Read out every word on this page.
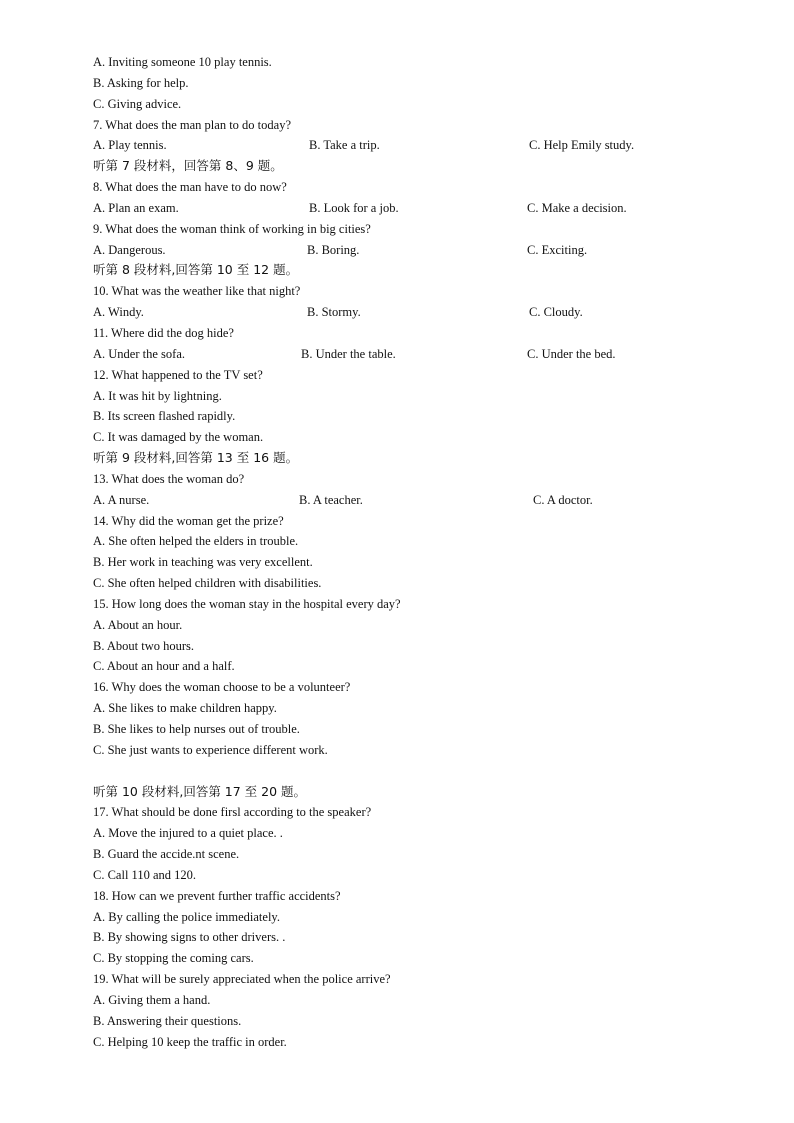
A. Inviting someone 10 play tennis.
B. Asking for help.
C. Giving advice.
7. What does the man plan to do today?
A. Play tennis.	B. Take a trip.	C. Help Emily study.
听第 7 段材料，回答第 8、9 题。
8. What does the man have to do now?
A. Plan an exam.	B. Look for a job.	C. Make a decision.
9. What does the woman think of working in big cities?
A. Dangerous.	B. Boring.	C. Exciting.
听第 8 段材料,回答第 10 至 12 题。
10. What was the weather like that night?
A. Windy.	B. Stormy.	C. Cloudy.
11. Where did the dog hide?
A. Under the sofa.	B. Under the table.	C. Under the bed.
12. What happened to the TV set?
A. It was hit by lightning.
B. Its screen flashed rapidly.
C. It was damaged by the woman.
听第 9 段材料,回答第 13 至 16 题。
13. What does the woman do?
A. A nurse.	B. A teacher.	C. A doctor.
14. Why did the woman get the prize?
A. She often helped the elders in trouble.
B. Her work in teaching was very excellent.
C. She often helped children with disabilities.
15. How long does the woman stay in the hospital every day?
A. About an hour.
B. About two hours.
C. About an hour and a half.
16. Why does the woman choose to be a volunteer?
A. She likes to make children happy.
B. She likes to help nurses out of trouble.
C. She just wants to experience different work.
听第 10 段材料,回答第 17 至 20 题。
17. What should be done firsl according to the speaker?
A. Move the injured to a quiet place. .
B. Guard the accide.nt scene.
C. Call 110 and 120.
18. How can we prevent further traffic accidents?
A. By calling the police immediately.
B. By showing signs to other drivers. .
C. By stopping the coming cars.
19. What will be surely appreciated when the police arrive?
A. Giving them a hand.
B. Answering their questions.
C. Helping 10 keep the traffic in order.
